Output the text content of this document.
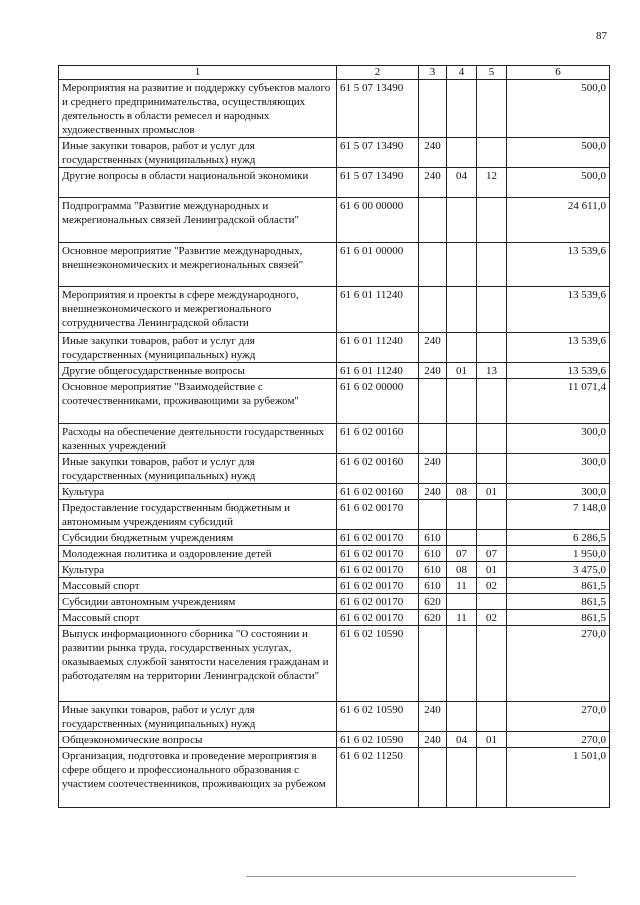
87
1	2	3	4	5	6
Мероприятия на развитие и поддержку субъектов малого и среднего предпринимательства, осуществляющих деятельность в области ремесел и народных художественных промыслов	61 5 07 13490				500,0
Иные закупки товаров, работ и услуг для государственных (муниципальных) нужд	61 5 07 13490	240			500,0
Другие вопросы в области национальной экономики	61 5 07 13490	240	04	12	500,0
Подпрограмма "Развитие международных и межрегиональных связей Ленинградской области"	61 6 00 00000				24 611,0
Основное мероприятие "Развитие международных, внешнеэкономических и межрегиональных связей"	61 6 01 00000				13 539,6
Мероприятия и проекты в сфере международного, внешнеэкономического и межрегионального сотрудничества Ленинградской области	61 6 01 11240				13 539,6
Иные закупки товаров, работ и услуг для государственных (муниципальных) нужд	61 6 01 11240	240			13 539,6
Другие общегосударственные вопросы	61 6 01 11240	240	01	13	13 539,6
Основное мероприятие "Взаимодействие с соотечественниками, проживающими за рубежом"	61 6 02 00000				11 071,4
Расходы на обеспечение деятельности государственных казенных учреждений	61 6 02 00160				300,0
Иные закупки товаров, работ и услуг для государственных (муниципальных) нужд	61 6 02 00160	240			300,0
Культура	61 6 02 00160	240	08	01	300,0
Предоставление государственным бюджетным и автономным учреждениям субсидий	61 6 02 00170				7 148,0
Субсидии бюджетным учреждениям	61 6 02 00170	610			6 286,5
Молодежная политика и оздоровление детей	61 6 02 00170	610	07	07	1 950,0
Культура	61 6 02 00170	610	08	01	3 475,0
Массовый спорт	61 6 02 00170	610	11	02	861,5
Субсидии автономным учреждениям	61 6 02 00170	620			861,5
Массовый спорт	61 6 02 00170	620	11	02	861,5
Выпуск информационного сборника "О состоянии и развитии рынка труда, государственных услугах, оказываемых службой занятости населения гражданам и работодателям на территории Ленинградской области"	61 6 02 10590				270,0
Иные закупки товаров, работ и услуг для государственных (муниципальных) нужд	61 6 02 10590	240			270,0
Общеэкономические вопросы	61 6 02 10590	240	04	01	270,0
Организация, подготовка и проведение мероприятия в сфере общего и профессионального образования с участием соотечественников, проживающих за рубежом	61 6 02 11250				1 501,0
